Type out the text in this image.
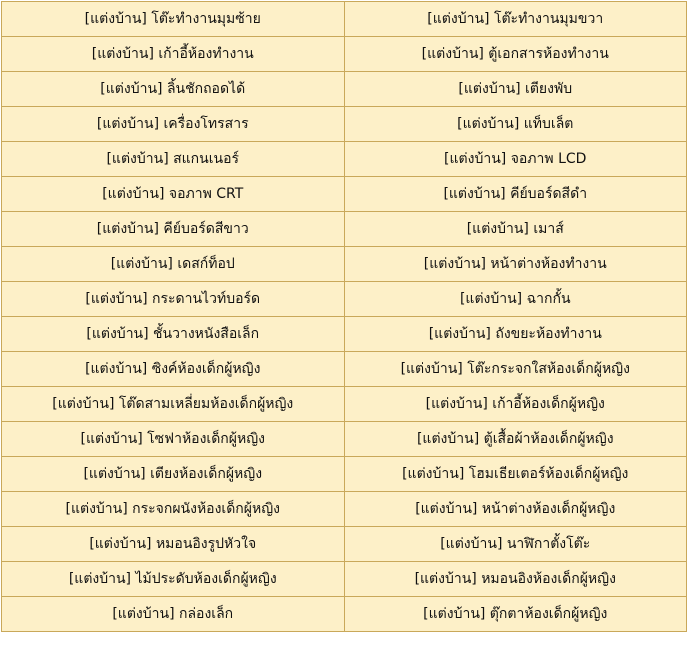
[แต่งบ้าน] โต๊ะทำงานมุมซ้าย	[แต่งบ้าน] โต๊ะทำงานมุมขวา
[แต่งบ้าน] เก้าอี้ห้องทำงาน	[แต่งบ้าน] ตู้เอกสารห้องทำงาน
[แต่งบ้าน] ลิ้นชักถอดได้	[แต่งบ้าน] เตียงพับ
[แต่งบ้าน] เครื่องโทรสาร	[แต่งบ้าน] แท็บเล็ต
[แต่งบ้าน] สแกนเนอร์	[แต่งบ้าน] จอภาพ LCD
[แต่งบ้าน] จอภาพ CRT	[แต่งบ้าน] คีย์บอร์ดสีดำ
[แต่งบ้าน] คีย์บอร์ดสีขาว	[แต่งบ้าน] เมาส์
[แต่งบ้าน] เดสก์ท็อป	[แต่งบ้าน] หน้าต่างห้องทำงาน
[แต่งบ้าน] กระดานไวท์บอร์ด	[แต่งบ้าน] ฉากกั้น
[แต่งบ้าน] ชั้นวางหนังสือเล็ก	[แต่งบ้าน] ถังขยะห้องทำงาน
[แต่งบ้าน] ซิงค์ห้องเด็กผู้หญิง	[แต่งบ้าน] โต๊ะกระจกใสห้องเด็กผู้หญิง
[แต่งบ้าน] โต๊ดสามเหลี่ยมห้องเด็กผู้หญิง	[แต่งบ้าน] เก้าอี้ห้องเด็กผู้หญิง
[แต่งบ้าน] โซฟาห้องเด็กผู้หญิง	[แต่งบ้าน] ตู้เสื้อผ้าห้องเด็กผู้หญิง
[แต่งบ้าน] เตียงห้องเด็กผู้หญิง	[แต่งบ้าน] โฮมเธียเตอร์ห้องเด็กผู้หญิง
[แต่งบ้าน] กระจกผนังห้องเด็กผู้หญิง	[แต่งบ้าน] หน้าต่างห้องเด็กผู้หญิง
[แต่งบ้าน] หมอนอิงรูปหัวใจ	[แต่งบ้าน] นาฬิกาตั้งโต๊ะ
[แต่งบ้าน] ไม้ประดับห้องเด็กผู้หญิง	[แต่งบ้าน] หมอนอิงห้องเด็กผู้หญิง
[แต่งบ้าน] กล่องเล็ก	[แต่งบ้าน] ตุ๊กตาห้องเด็กผู้หญิง
